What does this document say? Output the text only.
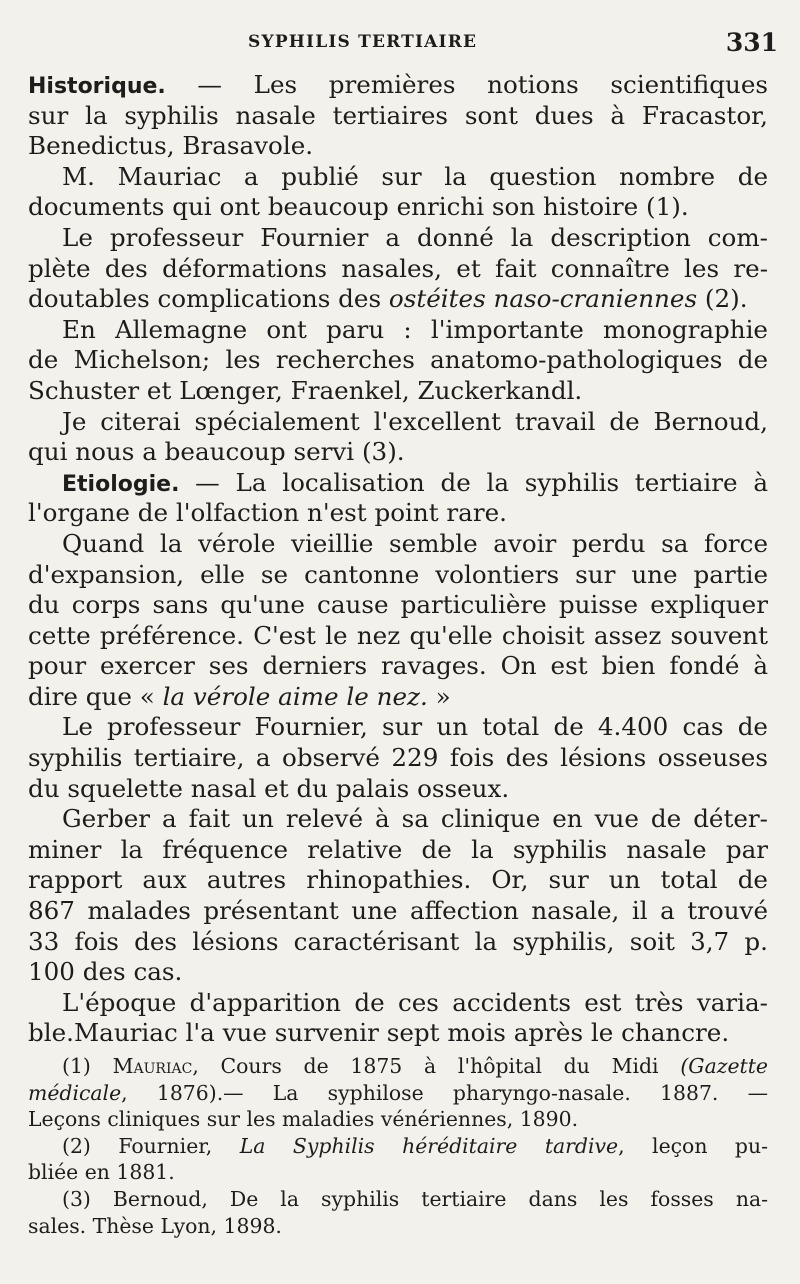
SYPHILIS TERTIAIRE	331
Historique. — Les premières notions scientifiques
sur la syphilis nasale tertiaires sont dues à Fracastor,
Benedictus, Brasavole.
M. Mauriac a publié sur la question nombre de
documents qui ont beaucoup enrichi son histoire (1).
Le professeur Fournier a donné la description com-
plète des déformations nasales, et fait connaître les re-
doutables complications des ostéites naso-craniennes (2).
En Allemagne ont paru : l'importante monographie
de Michelson; les recherches anatomo-pathologiques de
Schuster et Lœnger, Fraenkel, Zuckerkandl.
Je citerai spécialement l'excellent travail de Bernoud,
qui nous a beaucoup servi (3).
Etiologie. — La localisation de la syphilis tertiaire à
l'organe de l'olfaction n'est point rare.
Quand la vérole vieillie semble avoir perdu sa force
d'expansion, elle se cantonne volontiers sur une partie
du corps sans qu'une cause particulière puisse expliquer
cette préférence. C'est le nez qu'elle choisit assez souvent
pour exercer ses derniers ravages. On est bien fondé à
dire que « la vérole aime le nez. »
Le professeur Fournier, sur un total de 4.400 cas de
syphilis tertiaire, a observé 229 fois des lésions osseuses
du squelette nasal et du palais osseux.
Gerber a fait un relevé à sa clinique en vue de déter-
miner la fréquence relative de la syphilis nasale par
rapport aux autres rhinopathies. Or, sur un total de
867 malades présentant une affection nasale, il a trouvé
33 fois des lésions caractérisant la syphilis, soit 3,7 p.
100 des cas.
L'époque d'apparition de ces accidents est très varia-
ble.Mauriac l'a vue survenir sept mois après le chancre.
(1) Mauriac, Cours de 1875 à l'hôpital du Midi (Gazette
médicale, 1876).— La syphilose pharyngo-nasale. 1887. —
Leçons cliniques sur les maladies vénériennes, 1890.
(2) Fournier, La Syphilis héréditaire tardive, leçon pu-
bliée en 1881.
(3) Bernoud, De la syphilis tertiaire dans les fosses na-
sales. Thèse Lyon, 1898.
